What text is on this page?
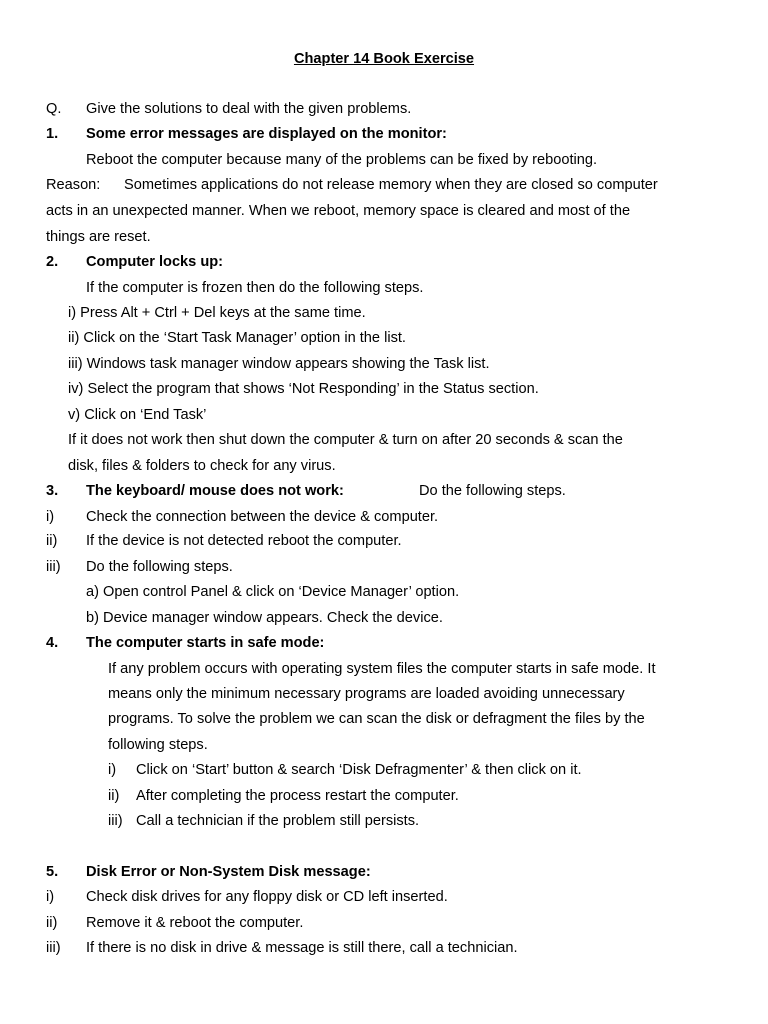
Chapter 14 Book Exercise
Q. Give the solutions to deal with the given problems.
1. Some error messages are displayed on the monitor:
Reboot the computer because many of the problems can be fixed by rebooting.
Reason: Sometimes applications do not release memory when they are closed so computer
acts in an unexpected manner. When we reboot, memory space is cleared and most of the
things are reset.
2. Computer locks up:
If the computer is frozen then do the following steps.
i) Press Alt + Ctrl + Del keys at the same time.
ii) Click on the ‘Start Task Manager’ option in the list.
iii) Windows task manager window appears showing the Task list.
iv) Select the program that shows ‘Not Responding’ in the Status section.
v) Click on ‘End Task’
If it does not work then shut down the computer & turn on after 20 seconds & scan the
disk, files & folders to check for any virus.
3. The keyboard/ mouse does not work:	Do the following steps.
i) Check the connection between the device & computer.
ii) If the device is not detected reboot the computer.
iii) Do the following steps.
a) Open control Panel & click on ‘Device Manager’ option.
b) Device manager window appears. Check the device.
4. The computer starts in safe mode:
If any problem occurs with operating system files the computer starts in safe mode. It
means only the minimum necessary programs are loaded avoiding unnecessary
programs. To solve the problem we can scan the disk or defragment the files by the
following steps.
i) Click on ‘Start’ button & search ‘Disk Defragmenter’ & then click on it.
ii) After completing the process restart the computer.
iii) Call a technician if the problem still persists.
5. Disk Error or Non-System Disk message:
i) Check disk drives for any floppy disk or CD left inserted.
ii) Remove it & reboot the computer.
iii) If there is no disk in drive & message is still there, call a technician.
